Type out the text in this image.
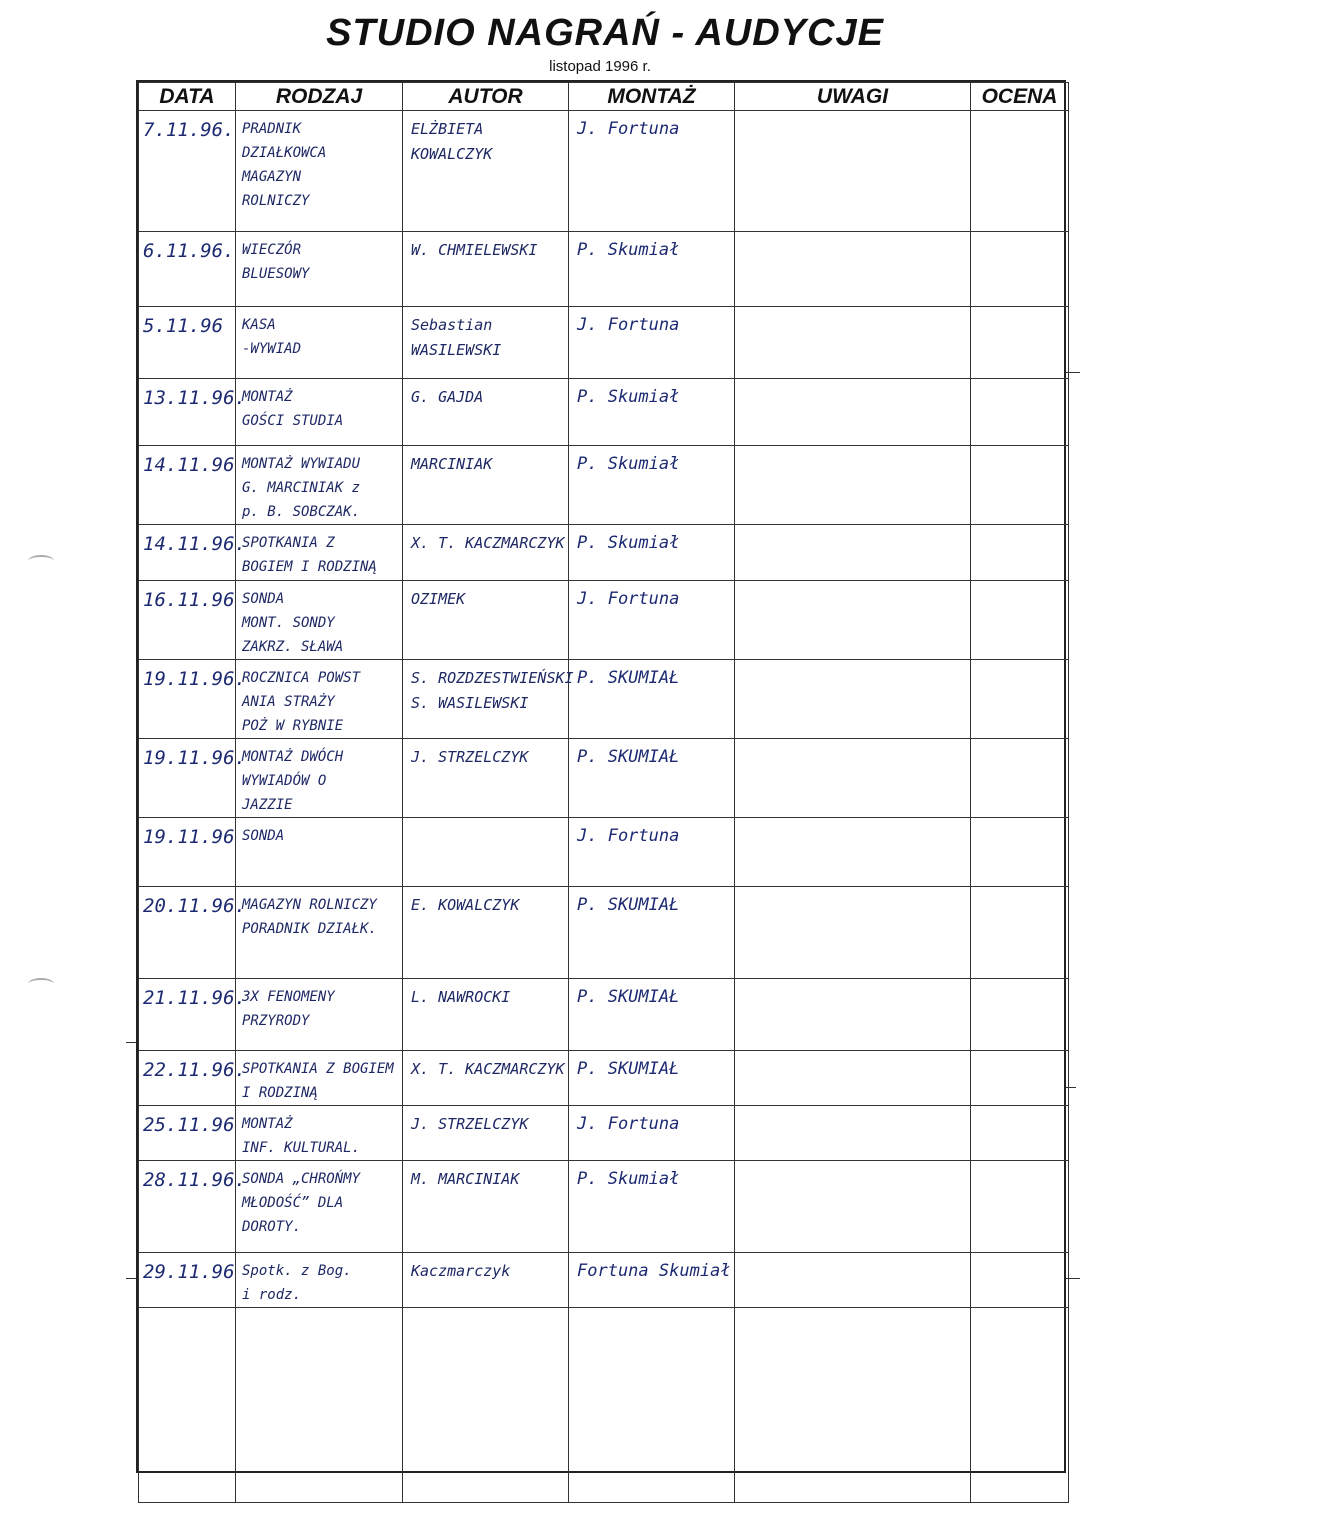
STUDIO NAGRAŃ - AUDYCJE
listopad 1996 r.
DATA	RODZAJ	AUTOR	MONTAŻ	UWAGI	OCENA
7.11.96.	PRADNIK
DZIAŁKOWCA
MAGAZYN
ROLNICZY	ELŻBIETA
KOWALCZYK	J. Fortuna		
6.11.96.	WIECZÓR
BLUESOWY	W. CHMIELEWSKI	P. Skumiał		
5.11.96	KASA
-WYWIAD	Sebastian
WASILEWSKI	J. Fortuna		
13.11.96.	MONTAŻ
GOŚCI STUDIA	G. GAJDA	P. Skumiał		
14.11.96	MONTAŻ WYWIADU
G. MARCINIAK z
p. B. SOBCZAK.	MARCINIAK	P. Skumiał		
14.11.96.	SPOTKANIA Z
BOGIEM I RODZINĄ	X. T. KACZMARCZYK	P. Skumiał		
16.11.96	SONDA
MONT. SONDY
ZAKRZ. SŁAWA	OZIMEK	J. Fortuna		
19.11.96.	ROCZNICA POWST
ANIA STRAŻY
POŻ W RYBNIE	S. ROZDZESTWIEŃSKI
S. WASILEWSKI	P. SKUMIAŁ		
19.11.96.	MONTAŻ DWÓCH
WYWIADÓW O
JAZZIE	J. STRZELCZYK	P. SKUMIAŁ		
19.11.96	SONDA		J. Fortuna		
20.11.96.	MAGAZYN ROLNICZY
PORADNIK DZIAŁK.	E. KOWALCZYK	P. SKUMIAŁ		
21.11.96.	3X FENOMENY
PRZYRODY	L. NAWROCKI	P. SKUMIAŁ		
22.11.96.	SPOTKANIA Z BOGIEM
I RODZINĄ	X. T. KACZMARCZYK	P. SKUMIAŁ		
25.11.96	MONTAŻ
INF. KULTURAL.	J. STRZELCZYK	J. Fortuna		
28.11.96.	SONDA „CHROŃMY
MŁODOŚĆ” DLA
DOROTY.	M. MARCINIAK	P. Skumiał		
29.11.96	Spotk. z Bog.
i rodz.	Kaczmarczyk	Fortuna Skumiał		
